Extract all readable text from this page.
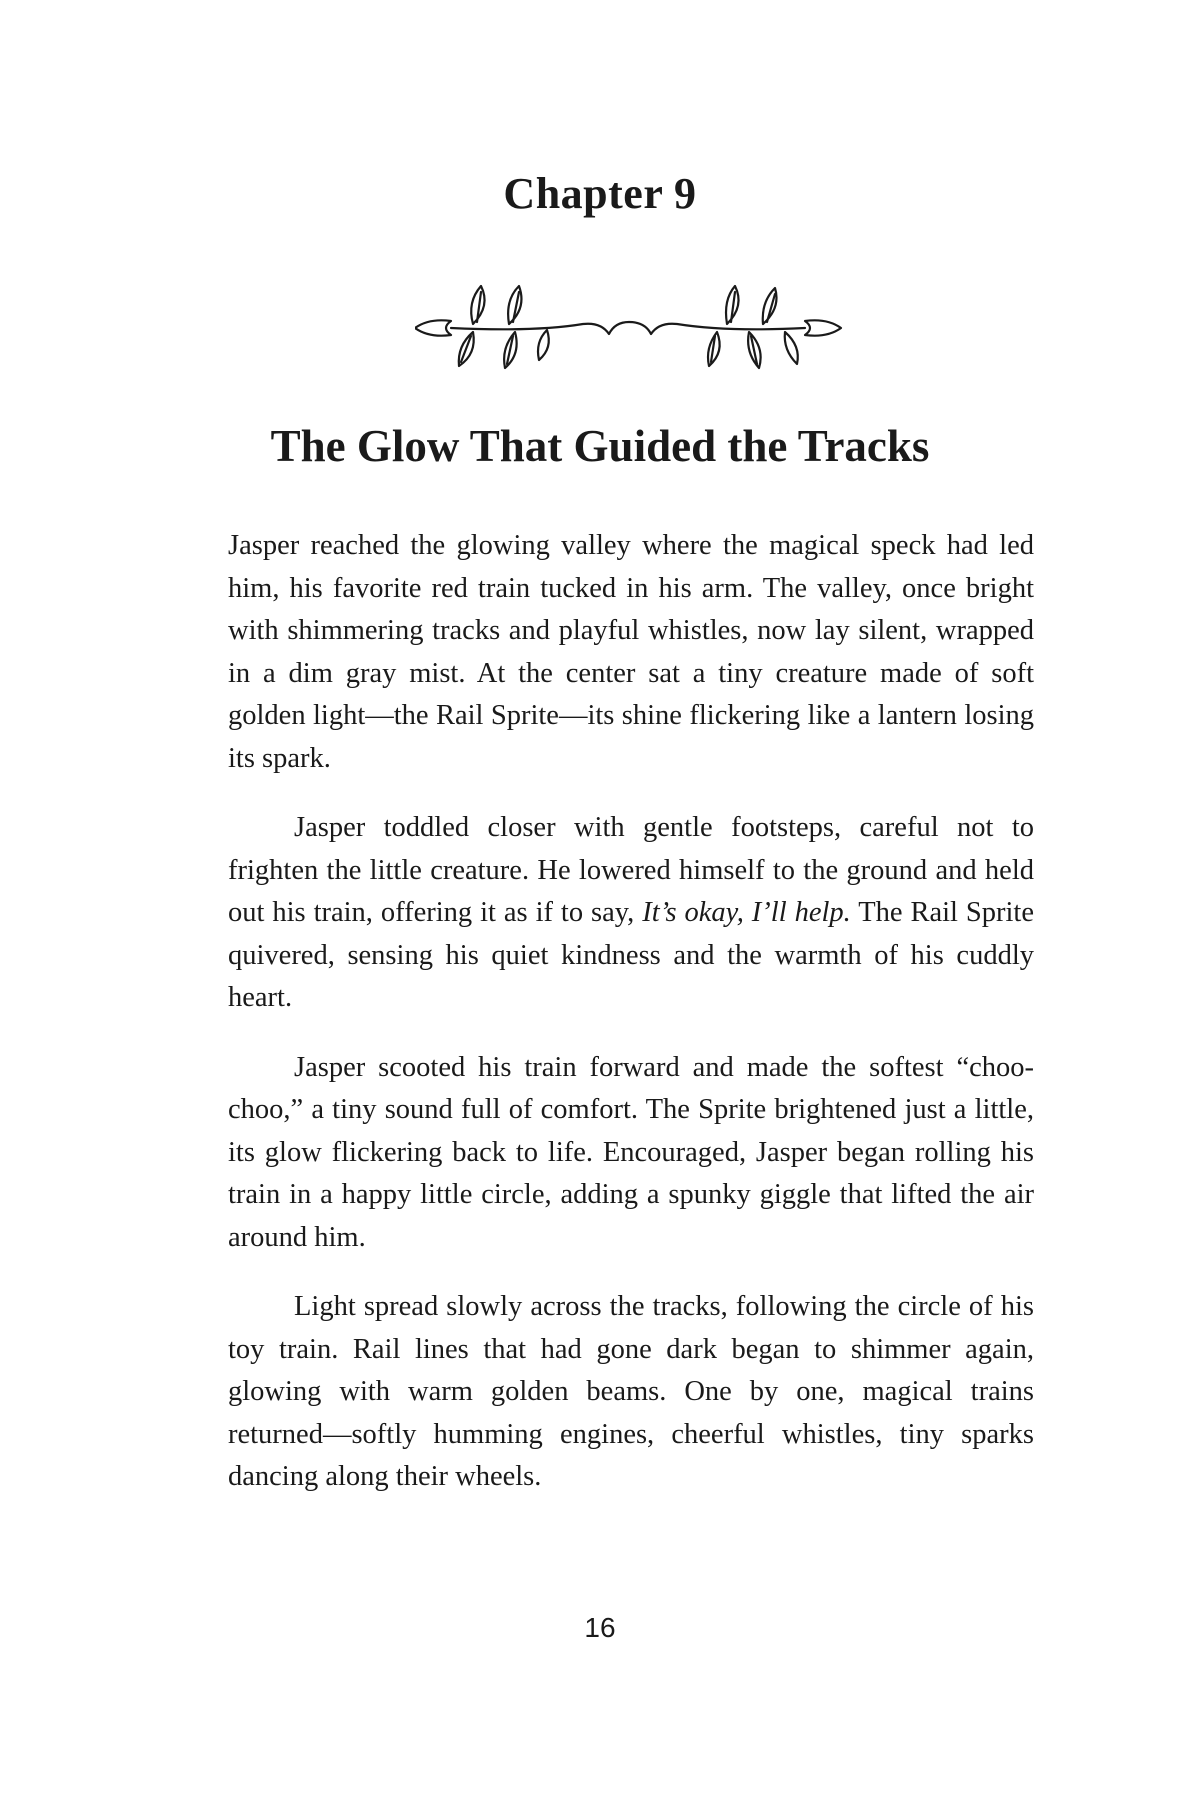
Chapter 9
The Glow That Guided the Tracks

Jasper reached the glowing valley where the magical speck had led him, his favorite red train tucked in his arm. The valley, once bright with shimmering tracks and playful whistles, now lay silent, wrapped in a dim gray mist. At the center sat a tiny creature made of soft golden light—the Rail Sprite—its shine flickering like a lantern losing its spark.

Jasper toddled closer with gentle footsteps, careful not to frighten the little creature. He lowered himself to the ground and held out his train, offering it as if to say, It’s okay, I’ll help. The Rail Sprite quivered, sensing his quiet kindness and the warmth of his cuddly heart.

Jasper scooted his train forward and made the softest “choo-choo,” a tiny sound full of comfort. The Sprite brightened just a little, its glow flickering back to life. Encouraged, Jasper began rolling his train in a happy little circle, adding a spunky giggle that lifted the air around him.

Light spread slowly across the tracks, following the circle of his toy train. Rail lines that had gone dark began to shimmer again, glowing with warm golden beams. One by one, magical trains returned—softly humming engines, cheerful whistles, tiny sparks dancing along their wheels.

16
